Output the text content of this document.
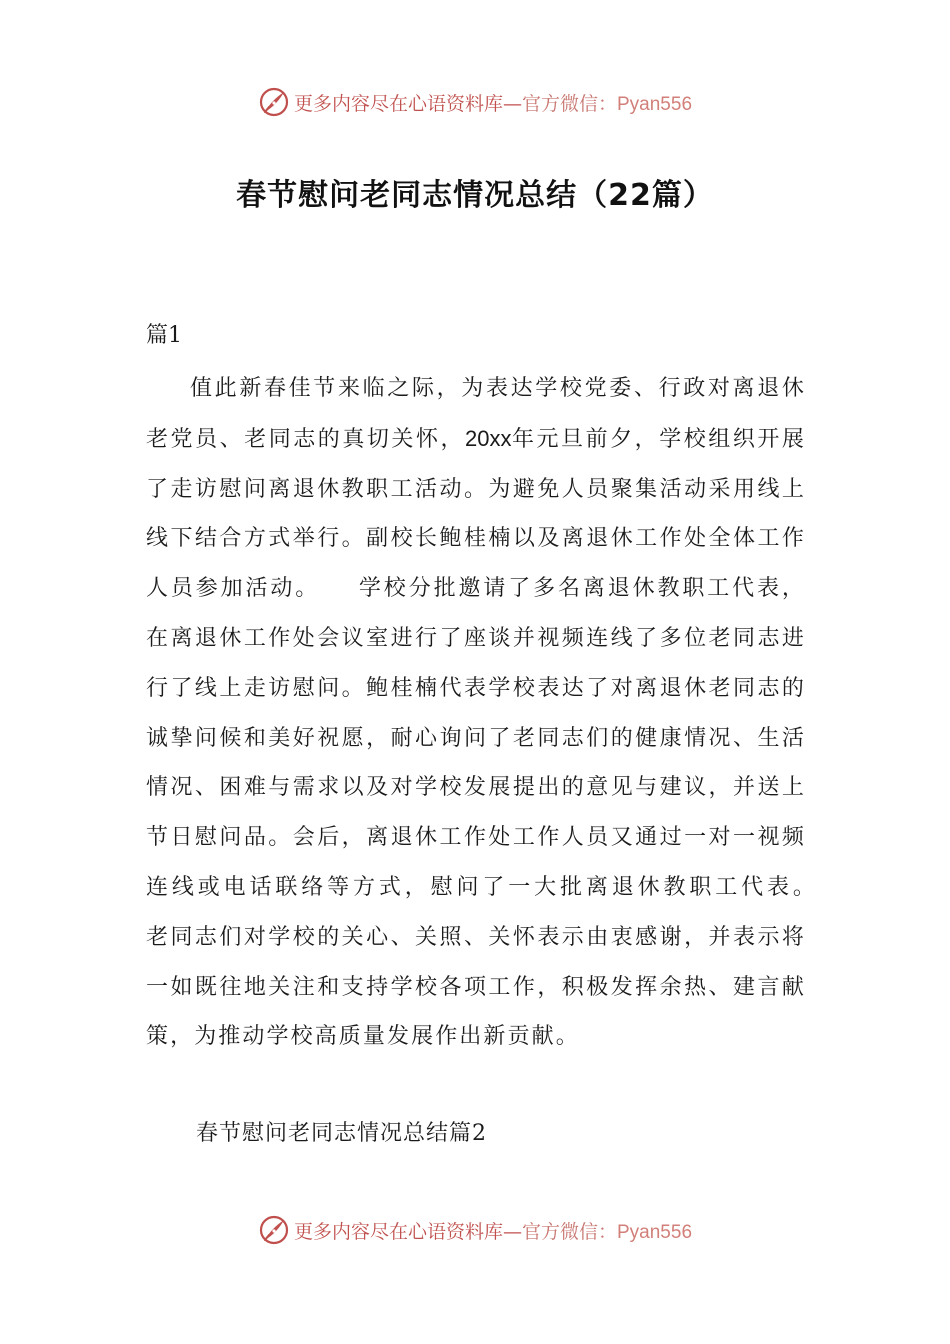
更多内容尽在心语资料库—官方微信：Pyan556
春节慰问老同志情况总结（22篇）
篇1

值此新春佳节来临之际，为表达学校党委、行政对离退休老党员、老同志的真切关怀，20xx年元旦前夕，学校组织开展了走访慰问离退休教职工活动。为避免人员聚集活动采用线上线下结合方式举行。副校长鲍桂楠以及离退休工作处全体工作人员参加活动。　　学校分批邀请了多名离退休教职工代表，在离退休工作处会议室进行了座谈并视频连线了多位老同志进行了线上走访慰问。鲍桂楠代表学校表达了对离退休老同志的诚挚问候和美好祝愿，耐心询问了老同志们的健康情况、生活情况、困难与需求以及对学校发展提出的意见与建议，并送上节日慰问品。会后，离退休工作处工作人员又通过一对一视频连线或电话联络等方式，慰问了一大批离退休教职工代表。　　老同志们对学校的关心、关照、关怀表示由衷感谢，并表示将一如既往地关注和支持学校各项工作，积极发挥余热、建言献策，为推动学校高质量发展作出新贡献。

春节慰问老同志情况总结篇2
更多内容尽在心语资料库—官方微信：Pyan556
